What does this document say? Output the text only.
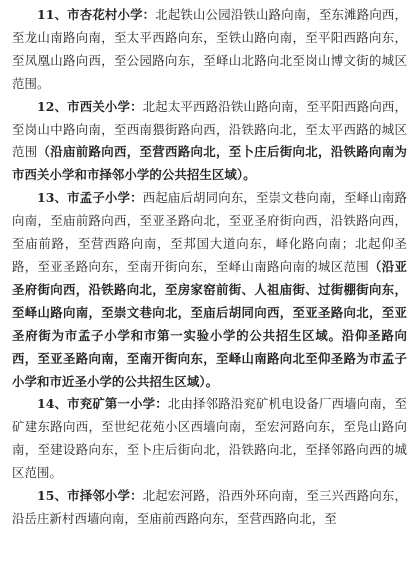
11、市杏花村小学：北起铁山公园沿铁山路向南，至东滩路向西，至龙山南路向南，至太平西路向东，至铁山路向南，至平阳西路向东，至凤凰山路向西，至公园路向东，至峄山北路向北至岗山博文街的城区范围。

12、市西关小学：北起太平西路沿铁山路向南，至平阳西路向西，至岗山中路向南，至西南猥街路向西，沿铁路向北，至太平西路的城区范围（沿庙前路向西，至营西路向北，至卜庄后街向北，沿铁路向南为市西关小学和市择邻小学的公共招生区域）。

13、市孟子小学：西起庙后胡同向东，至崇文巷向南，至峄山南路向南，至庙前路向西，至亚圣路向北，至亚圣府街向西，沿铁路向西，至庙前路，至营西路向南，至邦国大道向东，峄化路向南；北起仰圣路，至亚圣路向东，至南开街向东，至峄山南路向南的城区范围（沿亚圣府街向西，沿铁路向北，至房家窑前街、人祖庙街、过街棚街向东，至峄山路向南，至崇文巷向北，至庙后胡同向西，至亚圣路向北，至亚圣府街为市孟子小学和市第一实验小学的公共招生区域。沿仰圣路向西，至亚圣路向南，至南开街向东，至峄山南路向北至仰圣路为市孟子小学和市近圣小学的公共招生区域）。

14、市兖矿第一小学：北由择邻路沿兖矿机电设备厂西墙向南，至矿建东路向西，至世纪花苑小区西墙向南，至宏河路向东，至凫山路向南，至建设路向东，至卜庄后街向北，沿铁路向北，至择邻路向西的城区范围。

15、市择邻小学：北起宏河路，沿西外环向南，至三兴西路向东，沿岳庄新村西墙向南，至庙前西路向东，至营西路向北，至
